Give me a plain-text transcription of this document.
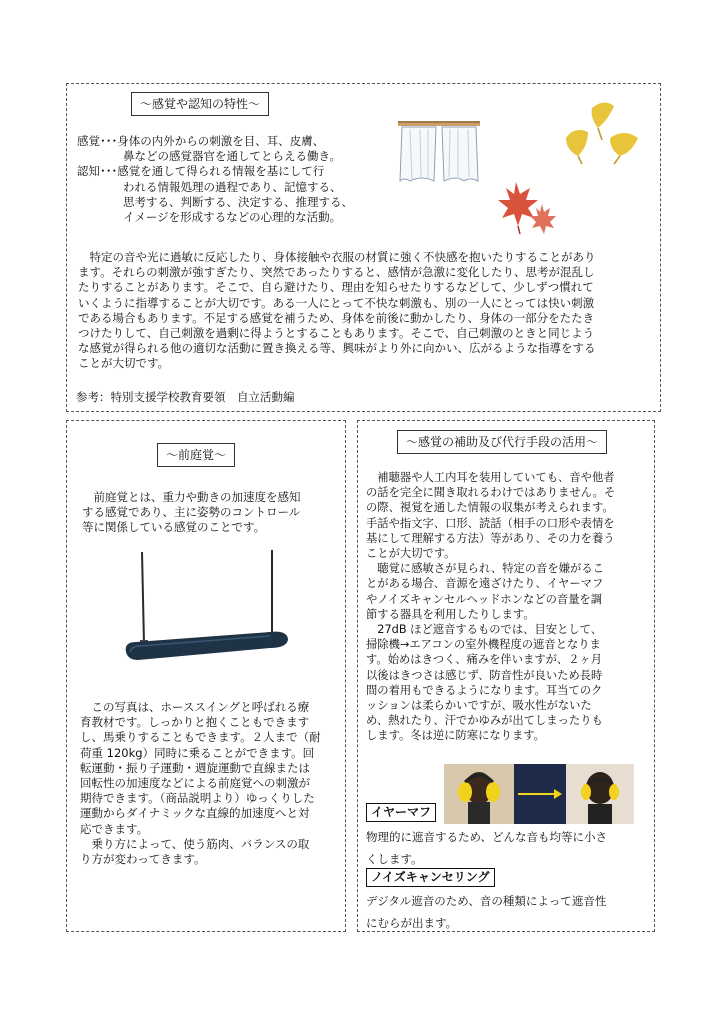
～感覚や認知の特性～
感覚･･･身体の内外からの刺激を目、耳、皮膚、
　　　　鼻などの感覚器官を通してとらえる働き。
認知･･･感覚を通して得られる情報を基にして行
　　　　われる情報処理の過程であり、記憶する、
　　　　思考する、判断する、決定する、推理する、
　　　　イメージを形成するなどの心理的な活動。
　特定の音や光に過敏に反応したり、身体接触や衣服の材質に強く不快感を抱いたりすることがあり
ます。それらの刺激が強すぎたり、突然であったりすると、感情が急激に変化したり、思考が混乱し
たりすることがあります。そこで、自ら避けたり、理由を知らせたりするなどして、少しずつ慣れて
いくように指導することが大切です。ある一人にとって不快な刺激も、別の一人にとっては快い刺激
である場合もあります。不足する感覚を補うため、身体を前後に動かしたり、身体の一部分をたたき
つけたりして、自己刺激を過剰に得ようとすることもあります。そこで、自己刺激のときと同じよう
な感覚が得られる他の適切な活動に置き換える等、興味がより外に向かい、広がるような指導をする
ことが大切です。
参考：特別支援学校教育要領　自立活動編
～前庭覚～
　前庭覚とは、重力や動きの加速度を感知
する感覚であり、主に姿勢のコントロール
等に関係している感覚のことです。
　この写真は、ホーススイングと呼ばれる療
育教材です。しっかりと抱くこともできます
し、馬乗りすることもできます。２人まで（耐
荷重 120kg）同時に乗ることができます。回
転運動・振り子運動・週旋運動で直線または
回転性の加速度などによる前庭覚への刺激が
期待できます。（商品説明より）ゆっくりした
運動からダイナミックな直線的加速度へと対
応できます。
　乗り方によって、使う筋肉、バランスの取
り方が変わってきます。
～感覚の補助及び代行手段の活用～
　補聴器や人工内耳を装用していても、音や他者
の話を完全に聞き取れるわけではありません。そ
の際、視覚を通した情報の収集が考えられます。
手話や指文字、口形、読話（相手の口形や表情を
基にして理解する方法）等があり、その力を養う
ことが大切です。
　聴覚に感敏さが見られ、特定の音を嫌がるこ
とがある場合、音源を遠ざけたり、イヤーマフ
やノイズキャンセルヘッドホンなどの音量を調
節する器具を利用したりします。
　27dB ほど遮音するものでは、目安として、
掃除機→エアコンの室外機程度の遮音となりま
す。始めはきつく、痛みを伴いますが、２ヶ月
以後はきつさは感じず、防音性が良いため長時
間の着用もできるようになります。耳当てのク
ッションは柔らかいですが、吸水性がないた
め、熱れたり、汗でかゆみが出てしまったりも
します。冬は逆に防寒になります。
イヤーマフ
物理的に遮音するため、どんな音も均等に小さ
くします。
ノイズキャンセリング
デジタル遮音のため、音の種類によって遮音性
にむらが出ます。
